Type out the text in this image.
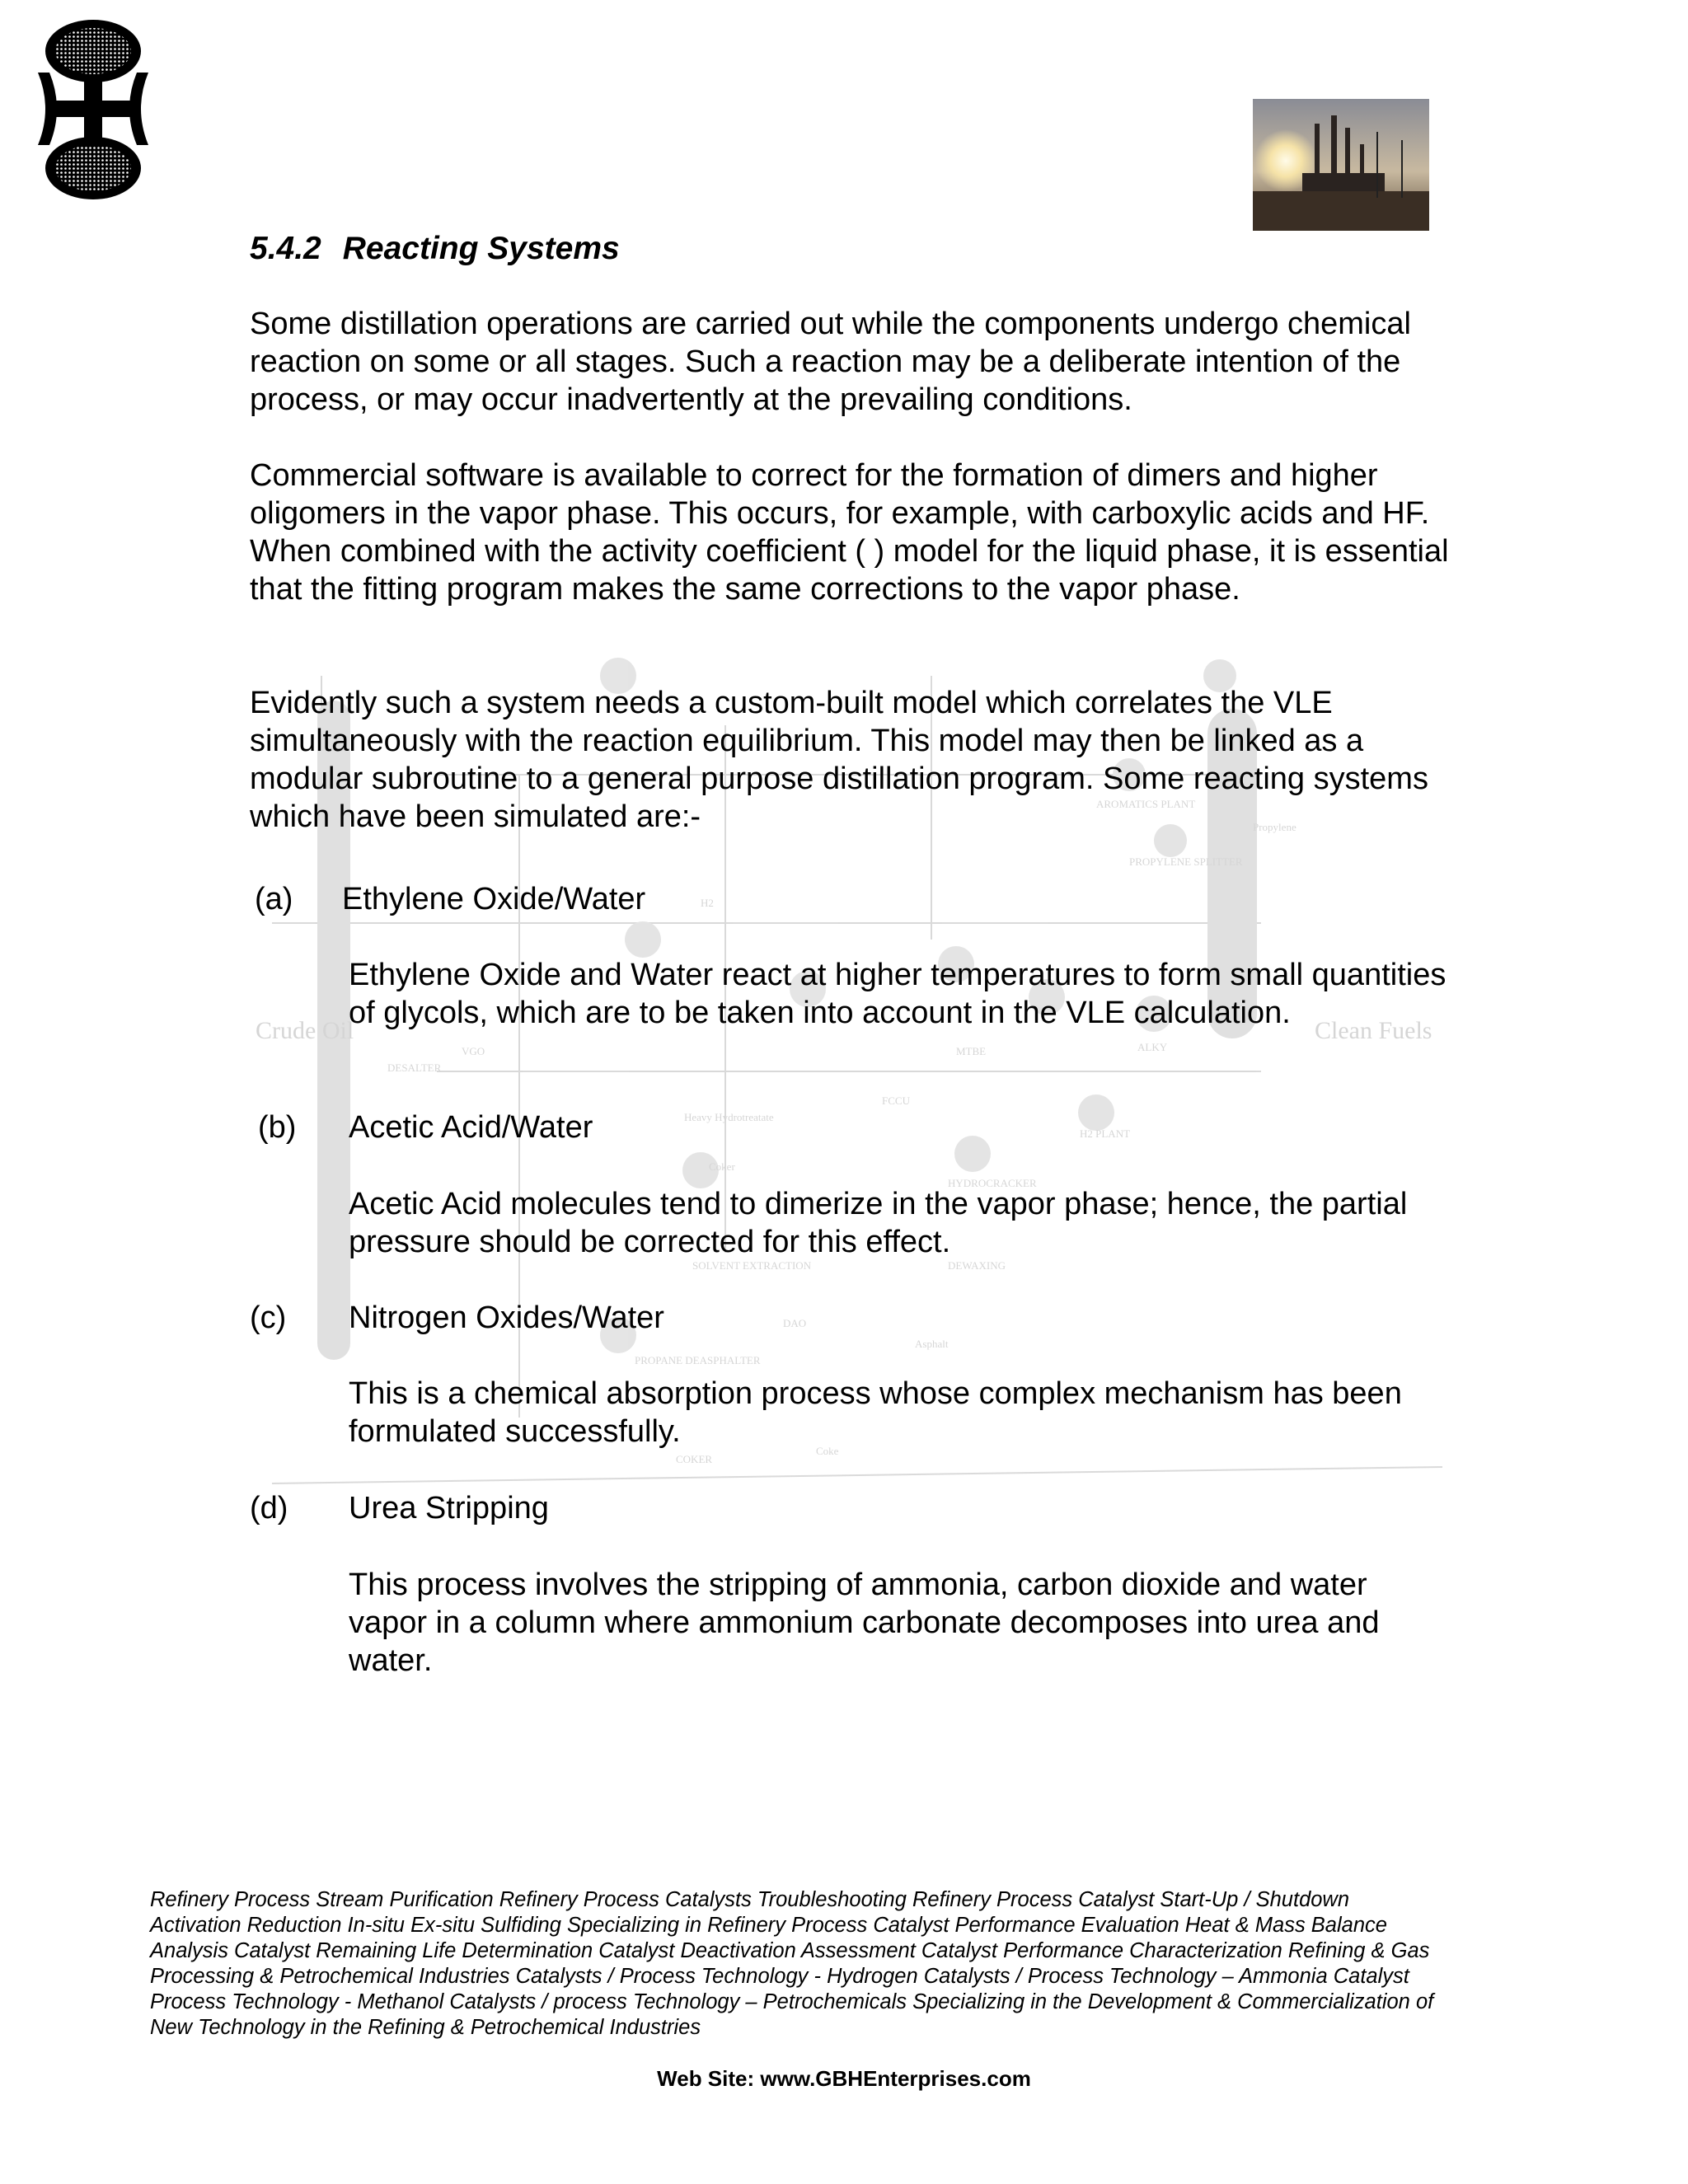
Crude Oil	Clean Fuels
AROMATICS PLANT
Propylene
PROPYLENE SPLITTER
H2
DESALTER
VGO
FCCU
MTBE	ALKY
H2 PLANT
Heavy Hydrotreatate
Coker
HYDROCRACKER
SOLVENT EXTRACTION	DEWAXING
DAO
Asphalt
PROPANE DEASPHALTER
COKER
Coke
5.4.2 Reacting Systems

Some distillation operations are carried out while the components undergo chemical reaction on some or all stages. Such a reaction may be a deliberate intention of the process, or may occur inadvertently at the prevailing conditions.

Commercial software is available to correct for the formation of dimers and higher oligomers in the vapor phase. This occurs, for example, with carboxylic acids and HF. When combined with the activity coefficient ( ) model for the liquid phase, it is essential that the fitting program makes the same corrections to the vapor phase.

Evidently such a system needs a custom-built model which correlates the VLE simultaneously with the reaction equilibrium. This model may then be linked as a modular subroutine to a general purpose distillation program. Some reacting systems which have been simulated are:-

(a) Ethylene Oxide/Water

Ethylene Oxide and Water react at higher temperatures to form small quantities of glycols, which are to be taken into account in the VLE calculation.

(b) Acetic Acid/Water

Acetic Acid molecules tend to dimerize in the vapor phase; hence, the partial pressure should be corrected for this effect.

(c) Nitrogen Oxides/Water

This is a chemical absorption process whose complex mechanism has been formulated successfully.

(d) Urea Stripping

This process involves the stripping of ammonia, carbon dioxide and water vapor in a column where ammonium carbonate decomposes into urea and water.

Refinery Process Stream Purification Refinery Process Catalysts Troubleshooting Refinery Process Catalyst Start-Up / Shutdown Activation Reduction In-situ Ex-situ Sulfiding Specializing in Refinery Process Catalyst Performance Evaluation Heat & Mass Balance Analysis Catalyst Remaining Life Determination Catalyst Deactivation Assessment Catalyst Performance Characterization Refining & Gas Processing & Petrochemical Industries Catalysts / Process Technology - Hydrogen Catalysts / Process Technology – Ammonia Catalyst Process Technology - Methanol Catalysts / process Technology – Petrochemicals Specializing in the Development & Commercialization of New Technology in the Refining & Petrochemical Industries

Web Site: www.GBHEnterprises.com
